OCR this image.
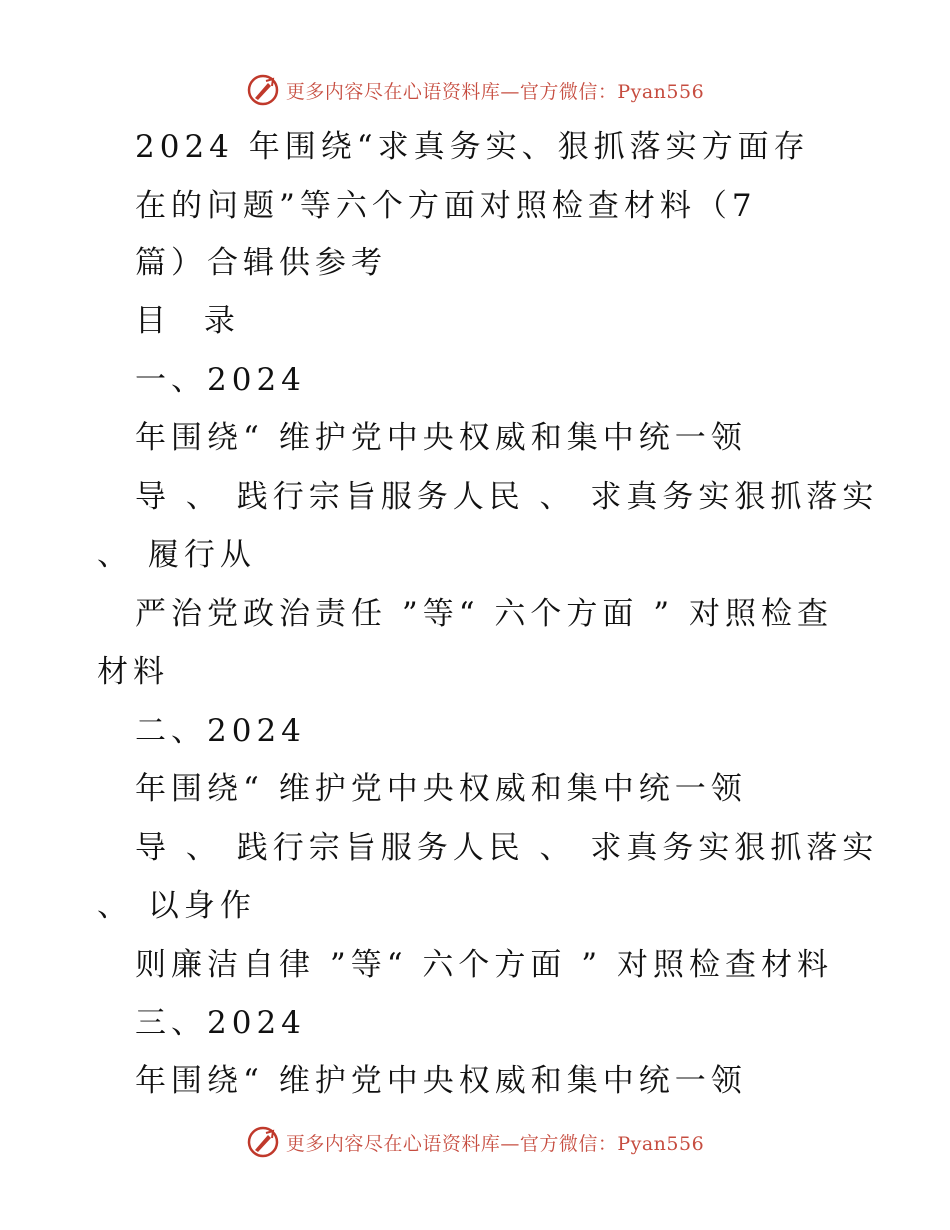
更多内容尽在心语资料库—官方微信：Pyan556
2024 年围绕“求真务实、狠抓落实方面存
在的问题”等六个方面对照检查材料（7
篇）合辑供参考
目 录
一、2024
年围绕“ 维护党中央权威和集中统一领
导 、 践行宗旨服务人民 、 求真务实狠抓落实
、 履行从
严治党政治责任 ”等“ 六个方面 ” 对照检查
材料
二、2024
年围绕“ 维护党中央权威和集中统一领
导 、 践行宗旨服务人民 、 求真务实狠抓落实
、 以身作
则廉洁自律 ”等“ 六个方面 ” 对照检查材料
三、2024
年围绕“ 维护党中央权威和集中统一领
更多内容尽在心语资料库—官方微信：Pyan556
